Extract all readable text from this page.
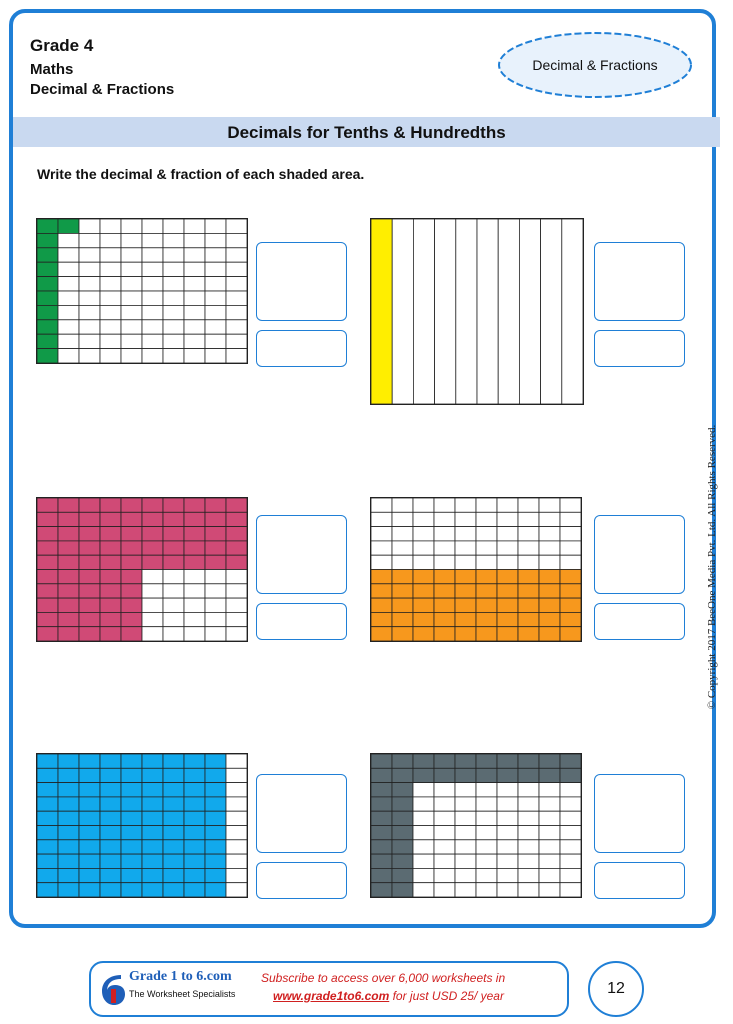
Grade 4
Maths
Decimal & Fractions
Decimal & Fractions
Decimals for Tenths & Hundredths
Write the decimal & fraction of each shaded area.
© Copyright 2017 BeeOne Media Pvt. Ltd. All Rights Reserved.
Grade 1 to 6.com
The Worksheet Specialists
Subscribe to access over 6,000 worksheets in
www.grade1to6.com for just USD 25/ year	12
